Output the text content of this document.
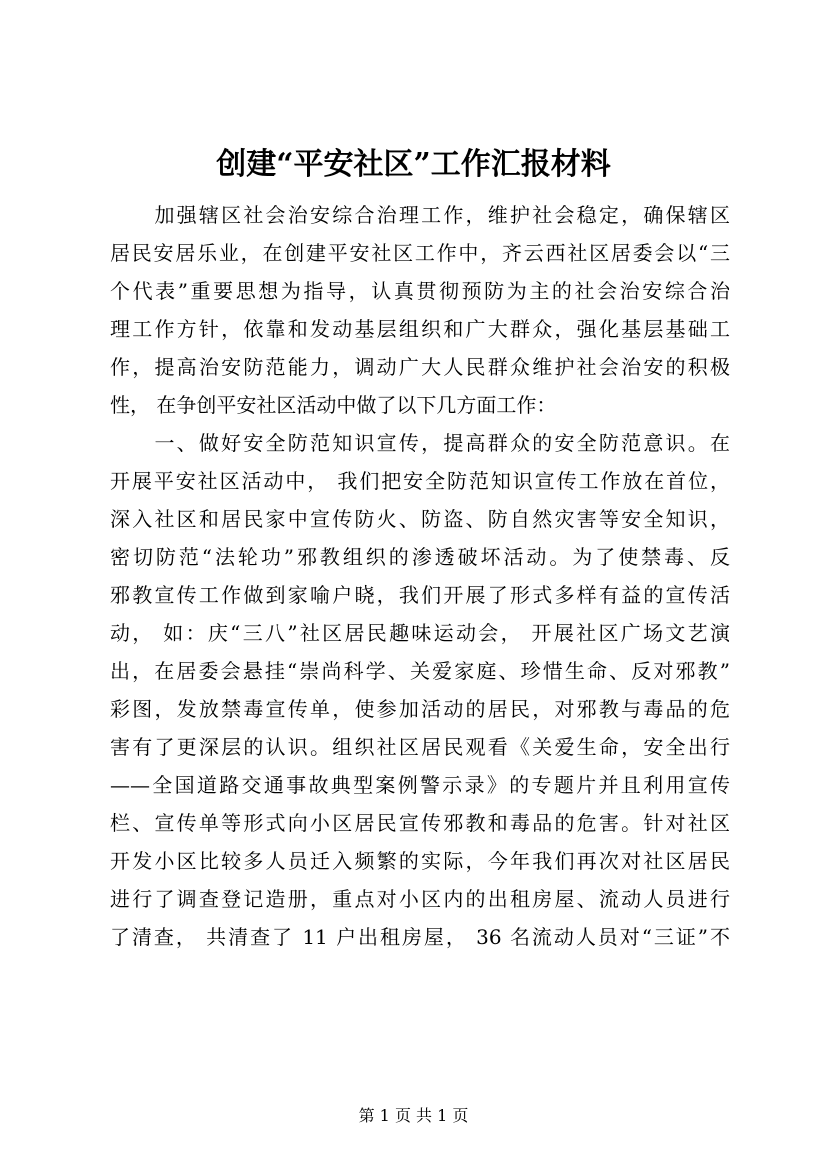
创建“平安社区”工作汇报材料
　　加强辖区社会治安综合治理工作，维护社会稳定，确保辖区
居民安居乐业，在创建平安社区工作中，齐云西社区居委会以“三
个代表”重要思想为指导，认真贯彻预防为主的社会治安综合治
理工作方针，依靠和发动基层组织和广大群众，强化基层基础工
作，提高治安防范能力，调动广大人民群众维护社会治安的积极
性， 在争创平安社区活动中做了以下几方面工作：
　　一、做好安全防范知识宣传，提高群众的安全防范意识。在
开展平安社区活动中， 我们把安全防范知识宣传工作放在首位，
深入社区和居民家中宣传防火、防盗、防自然灾害等安全知识，
密切防范“法轮功”邪教组织的渗透破坏活动。为了使禁毒、反
邪教宣传工作做到家喻户晓，我们开展了形式多样有益的宣传活
动， 如：庆“三八”社区居民趣味运动会， 开展社区广场文艺演
出，在居委会悬挂“崇尚科学、关爱家庭、珍惜生命、反对邪教”
彩图，发放禁毒宣传单，使参加活动的居民，对邪教与毒品的危
害有了更深层的认识。组织社区居民观看《关爱生命，安全出行
——全国道路交通事故典型案例警示录》的专题片并且利用宣传
栏、宣传单等形式向小区居民宣传邪教和毒品的危害。针对社区
开发小区比较多人员迁入频繁的实际，今年我们再次对社区居民
进行了调查登记造册，重点对小区内的出租房屋、流动人员进行
了清查， 共清查了 11 户出租房屋， 36 名流动人员对“三证”不
第 1 页 共 1 页
